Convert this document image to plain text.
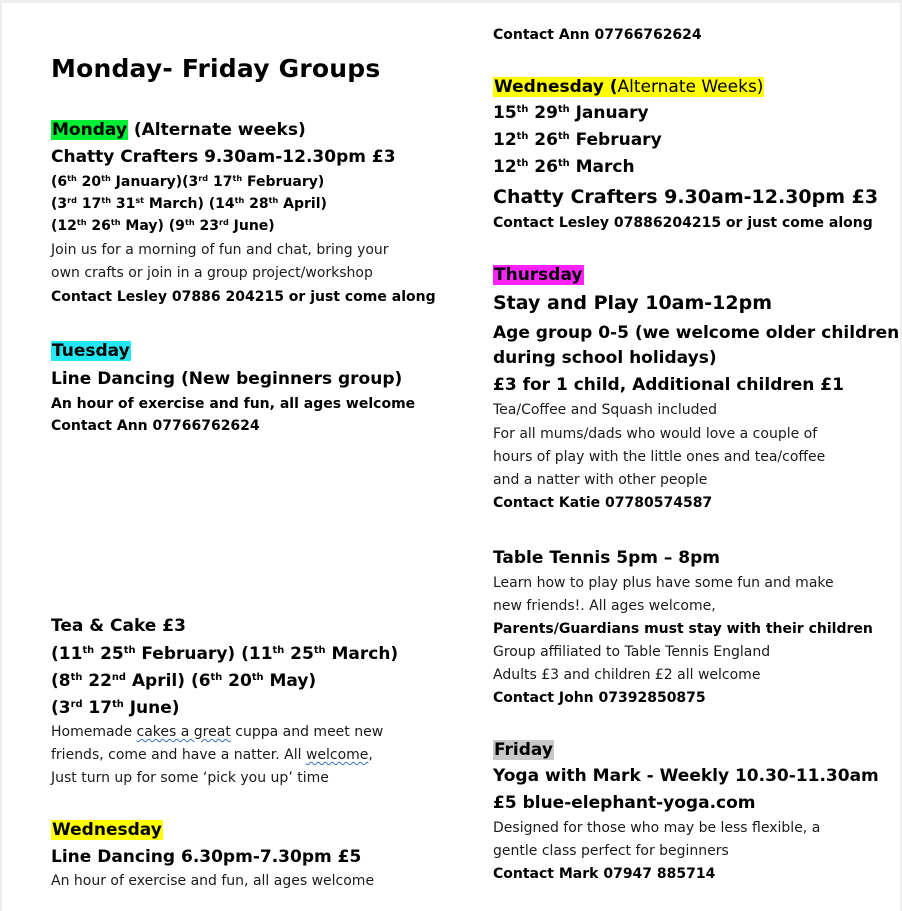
Monday- Friday Groups
Monday (Alternate weeks)
Chatty Crafters 9.30am-12.30pm £3
(6th 20th January)(3rd 17th February)
(3rd 17th 31st March) (14th 28th April)
(12th 26th May) (9th 23rd June)
Join us for a morning of fun and chat, bring your
own crafts or join in a group project/workshop
Contact Lesley 07886 204215 or just come along
Tuesday
Line Dancing (New beginners group)
An hour of exercise and fun, all ages welcome
Contact Ann 07766762624
Tea & Cake £3
(11th 25th February) (11th 25th March)
(8th 22nd April) (6th 20th May)
(3rd 17th June)
Homemade cakes a great cuppa and meet new
friends, come and have a natter. All welcome,
Just turn up for some ‘pick you up’ time
Wednesday
Line Dancing 6.30pm-7.30pm £5
An hour of exercise and fun, all ages welcome
Contact Ann 07766762624
Wednesday (Alternate Weeks)
15th 29th January
12th 26th February
12th 26th March
Chatty Crafters 9.30am-12.30pm £3
Contact Lesley 07886204215 or just come along
Thursday
Stay and Play 10am-12pm
Age group 0-5 (we welcome older children
during school holidays)
£3 for 1 child, Additional children £1
Tea/Coffee and Squash included
For all mums/dads who would love a couple of
hours of play with the little ones and tea/coffee
and a natter with other people
Contact Katie 07780574587
Table Tennis 5pm – 8pm
Learn how to play plus have some fun and make
new friends!. All ages welcome,
Parents/Guardians must stay with their children
Group affiliated to Table Tennis England
Adults £3 and children £2 all welcome
Contact John 07392850875
Friday
Yoga with Mark - Weekly 10.30-11.30am
£5 blue-elephant-yoga.com
Designed for those who may be less flexible, a
gentle class perfect for beginners
Contact Mark 07947 885714
